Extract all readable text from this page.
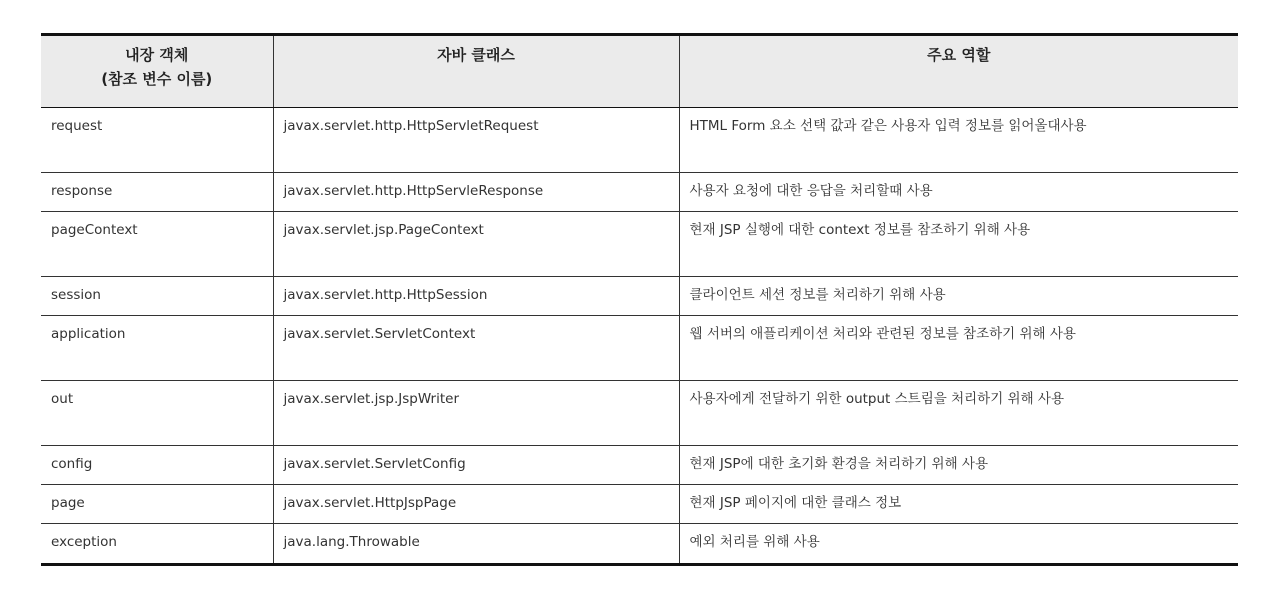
내장 객체
(참조 변수 이름)	자바 클래스	주요 역할
request	javax.servlet.http.HttpServletRequest	HTML Form 요소 선택 값과 같은 사용자 입력 정보를 읽어올대사용
response	javax.servlet.http.HttpServleResponse	사용자 요청에 대한 응답을 처리할때 사용
pageContext	javax.servlet.jsp.PageContext	현재 JSP 실행에 대한 context 정보를 참조하기 위해 사용
session	javax.servlet.http.HttpSession	클라이언트 세션 정보를 처리하기 위해 사용
application	javax.servlet.ServletContext	웹 서버의 애플리케이션 처리와 관련된 정보를 참조하기 위해 사용
out	javax.servlet.jsp.JspWriter	사용자에게 전달하기 위한 output 스트림을 처리하기 위해 사용
config	javax.servlet.ServletConfig	현재 JSP에 대한 초기화 환경을 처리하기 위해 사용
page	javax.servlet.HttpJspPage	현재 JSP 페이지에 대한 클래스 정보
exception	java.lang.Throwable	예외 처리를 위해 사용
